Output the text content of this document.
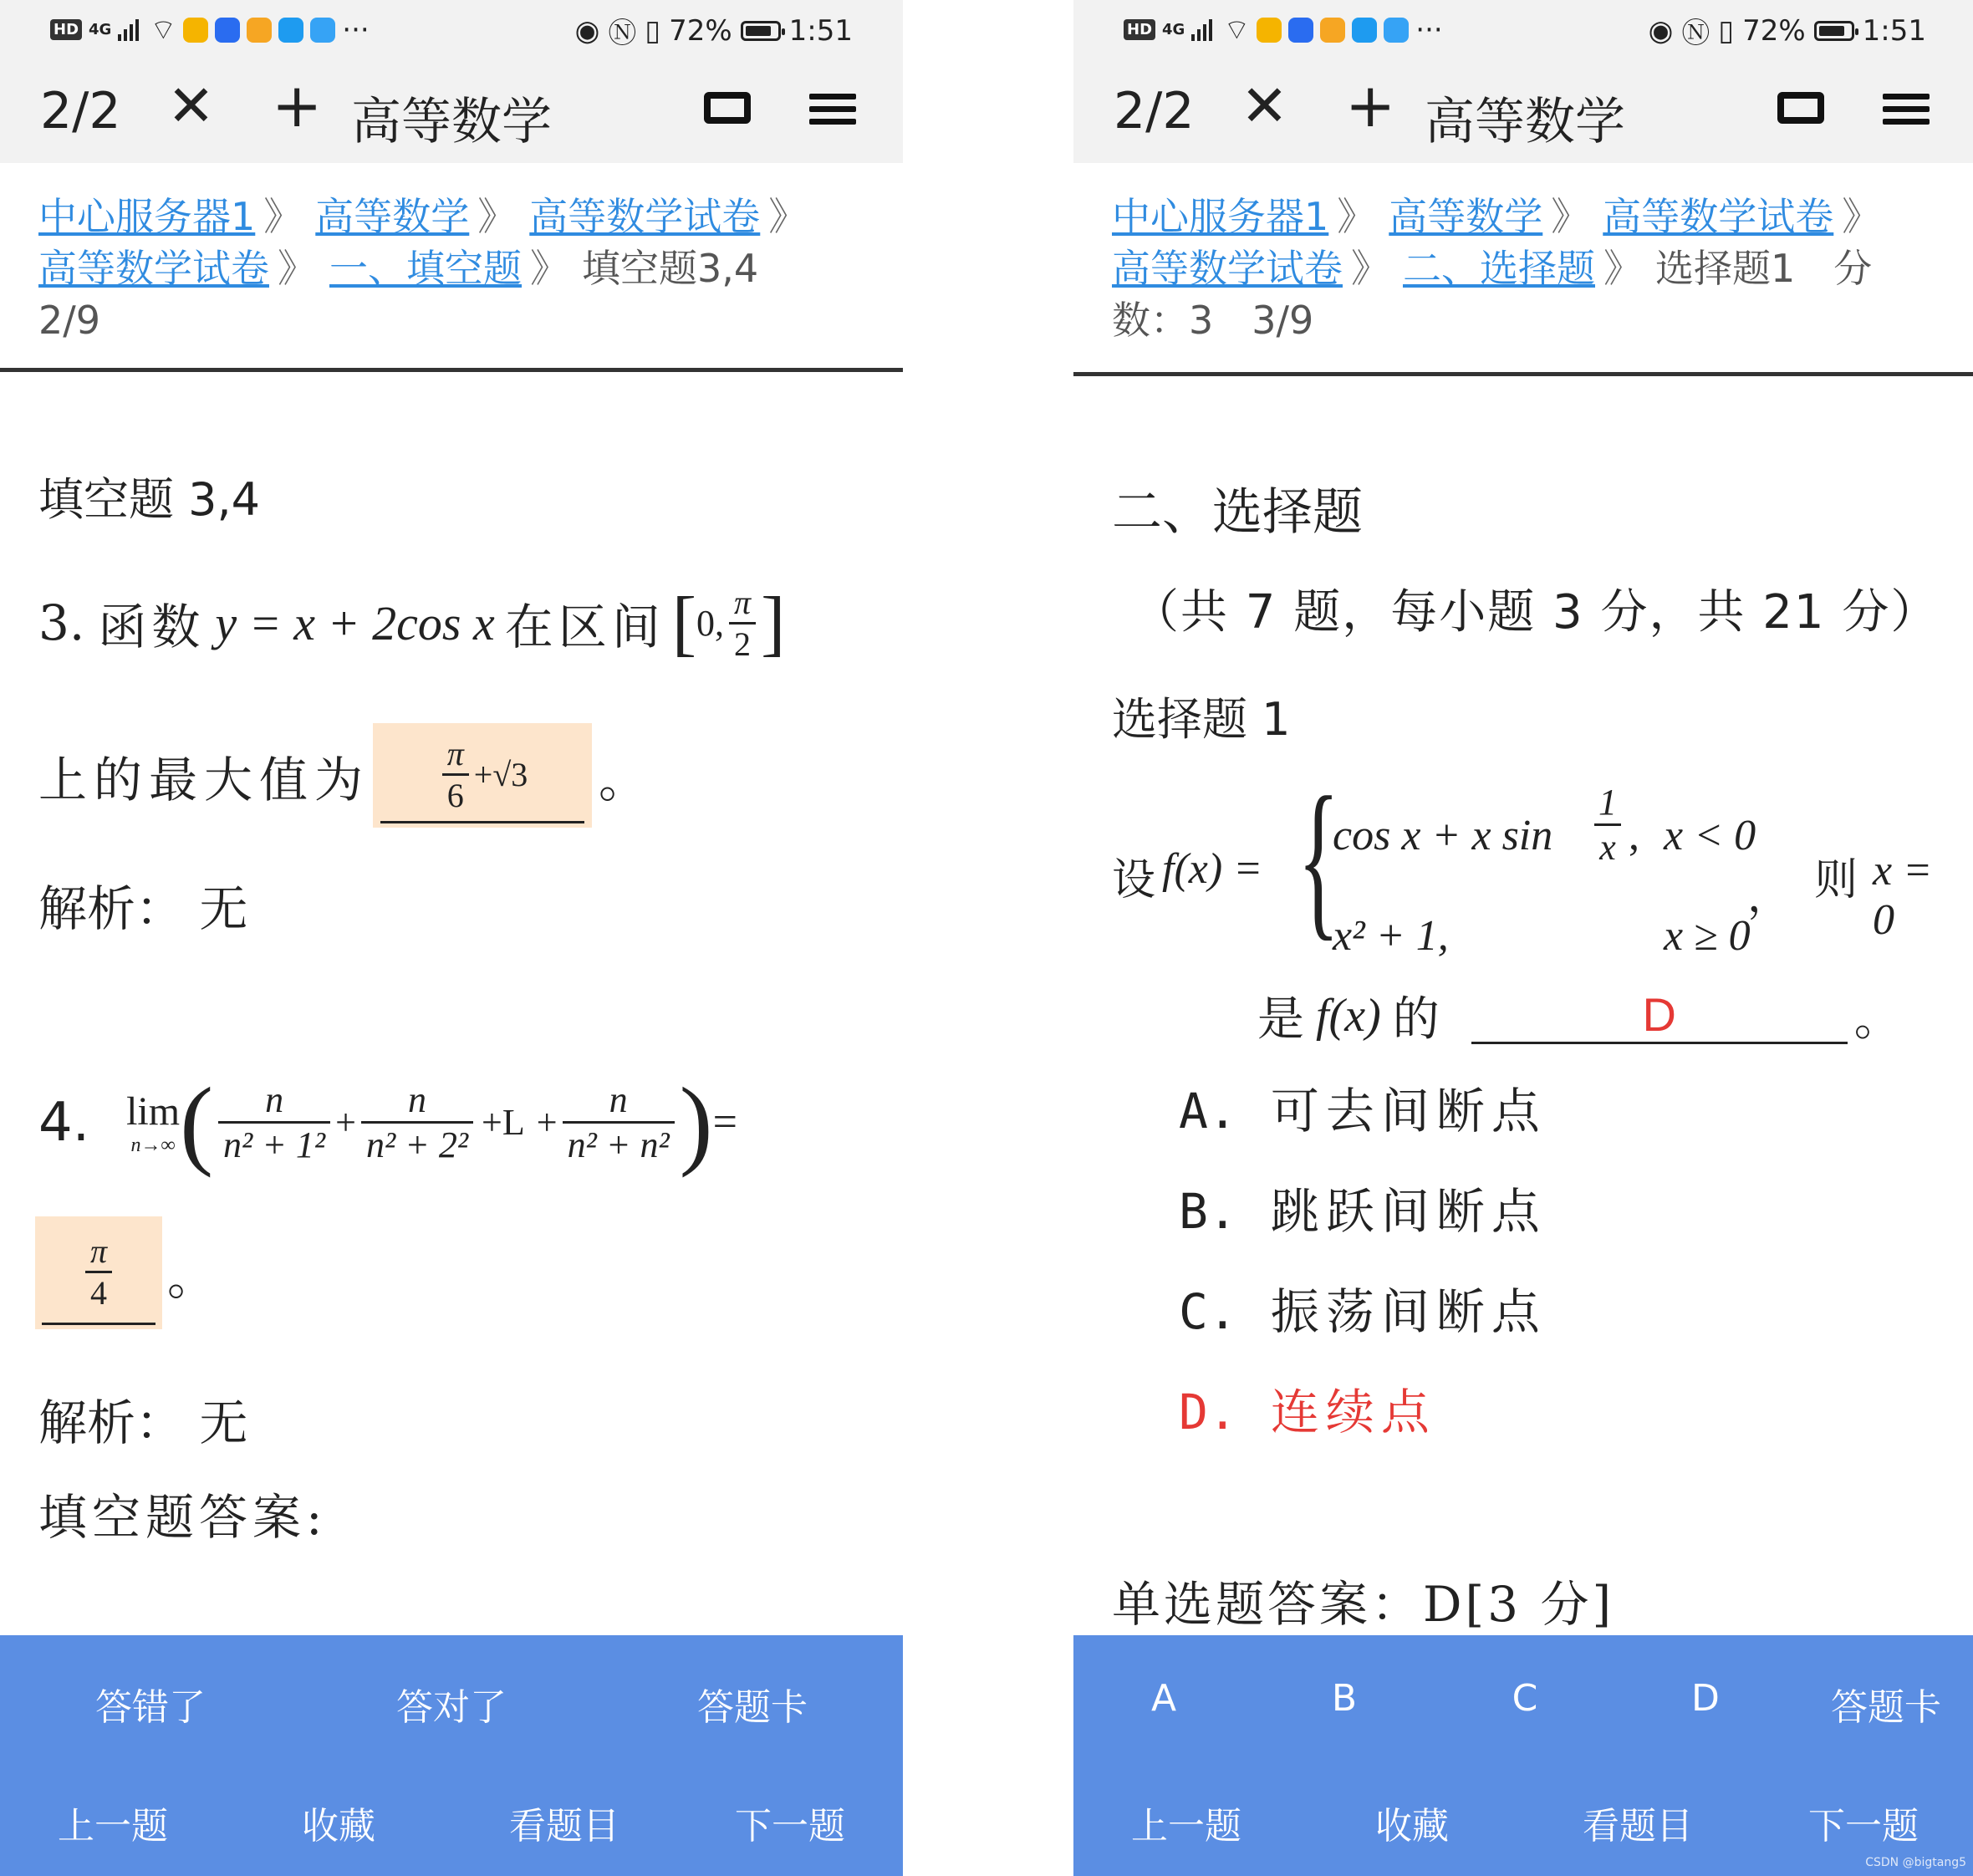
HD 4G ⌔	···	◉ Ⓝ ▯ 72% 1:51
2/2 ✕ + 高等数学
中心服务器1 》 高等数学 》 高等数学试卷 》
高等数学试卷 》 一、填空题 》 填空题3,4
2/9
填空题 3,4
3. 函数 y = x + 2cos x 在区间 [ 0, $\frac{\pi}{2}$ ]
上的最大值为 $\frac{\pi}{6} +√3$ 。
解析： 无
4. lim
n→∞ ( $\frac{n}{\text{n² + 1²}} + \frac{n}{\text{n² + 2²}} +L + \frac{n}{\text{n² + n²}}$ ) =
$\frac{\pi}{4}$ 。
解析： 无
填空题答案:
答错了	答对了	答题卡
上一题	收藏	看题目	下一题
HD 4G ⌔	···	◉ Ⓝ ▯ 72% 1:51
2/2 ✕ + 高等数学
中心服务器1 》 高等数学 》 高等数学试卷 》
高等数学试卷 》 二、选择题 》 选择题1　分数：3　3/9
二、选择题
（共 7 题，每小题 3 分，共 21 分）
选择题 1
设 f(x) = {
cos x + x $\sin \frac{1}{x}$ , x < 0
x² + 1,	x ≥ 0
， 则 x = 0
是 f(x) 的	D	。
A. 可去间断点
B. 跳跃间断点
C. 振荡间断点
D. 连续点
单选题答案：D[3 分]
A	B	C	D	答题卡
上一题	收藏	看题目	下一题
CSDN @bigtang5
